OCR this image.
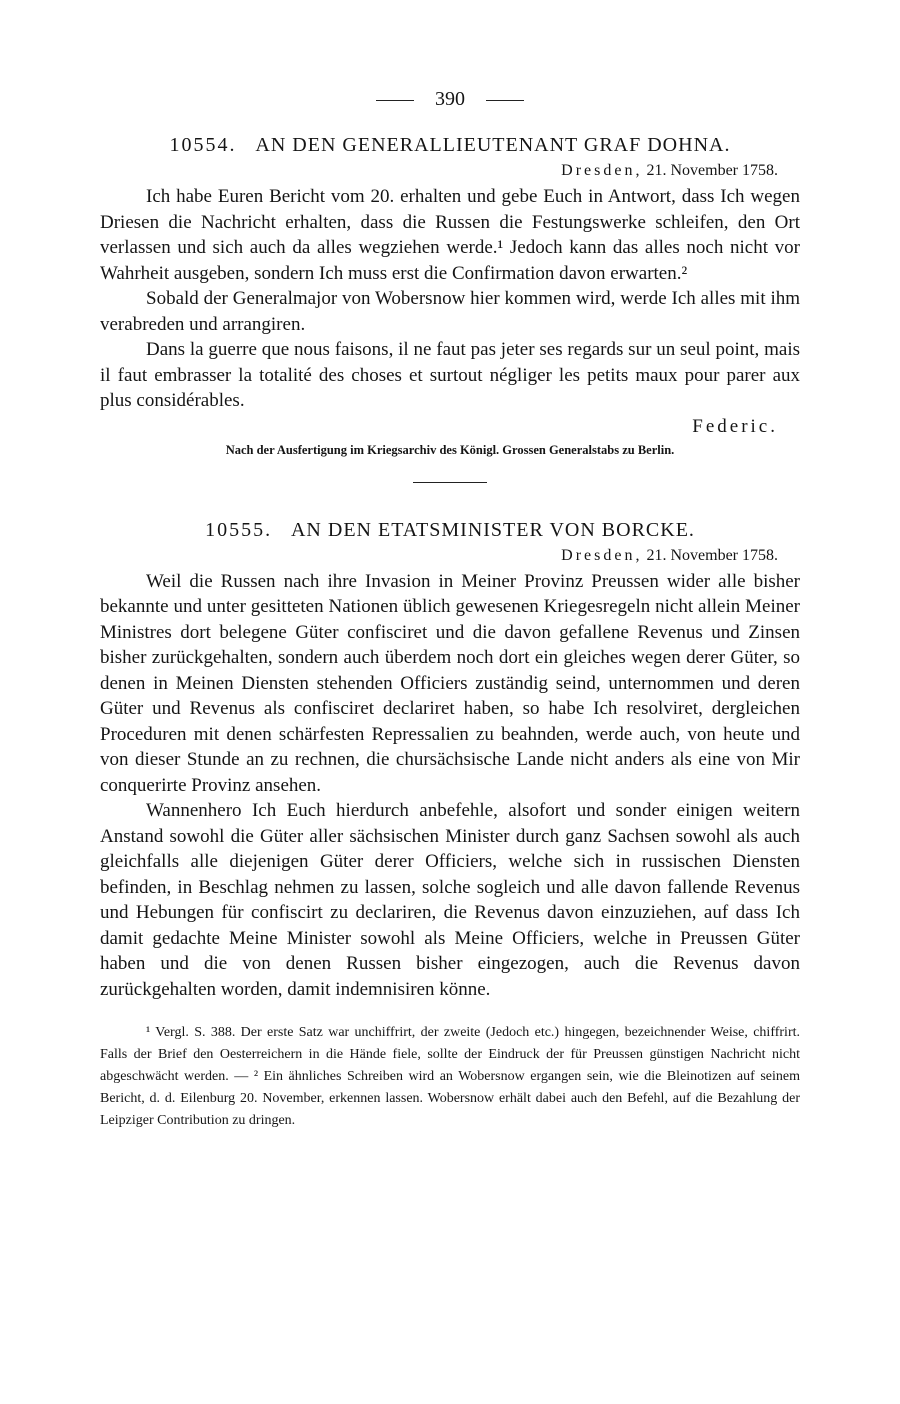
390
10554. AN DEN GENERALLIEUTENANT GRAF DOHNA.
Dresden, 21. November 1758.

Ich habe Euren Bericht vom 20. erhalten und gebe Euch in Antwort, dass Ich wegen Driesen die Nachricht erhalten, dass die Russen die Festungswerke schleifen, den Ort verlassen und sich auch da alles wegziehen werde.¹ Jedoch kann das alles noch nicht vor Wahrheit ausgeben, sondern Ich muss erst die Confirmation davon erwarten.²

Sobald der Generalmajor von Wobersnow hier kommen wird, werde Ich alles mit ihm verabreden und arrangiren.

Dans la guerre que nous faisons, il ne faut pas jeter ses regards sur un seul point, mais il faut embrasser la totalité des choses et surtout négliger les petits maux pour parer aux plus considérables.

Federic.
Nach der Ausfertigung im Kriegsarchiv des Königl. Grossen Generalstabs zu Berlin.
10555. AN DEN ETATSMINISTER VON BORCKE.
Dresden, 21. November 1758.

Weil die Russen nach ihre Invasion in Meiner Provinz Preussen wider alle bisher bekannte und unter gesitteten Nationen üblich gewesenen Kriegesregeln nicht allein Meiner Ministres dort belegene Güter confisciret und die davon gefallene Revenus und Zinsen bisher zurückgehalten, sondern auch überdem noch dort ein gleiches wegen derer Güter, so denen in Meinen Diensten stehenden Officiers zuständig seind, unternommen und deren Güter und Revenus als confisciret declariret haben, so habe Ich resolviret, dergleichen Proceduren mit denen schärfesten Repressalien zu beahnden, werde auch, von heute und von dieser Stunde an zu rechnen, die chursächsische Lande nicht anders als eine von Mir conquerirte Provinz ansehen.

Wannenhero Ich Euch hierdurch anbefehle, alsofort und sonder einigen weitern Anstand sowohl die Güter aller sächsischen Minister durch ganz Sachsen sowohl als auch gleichfalls alle diejenigen Güter derer Officiers, welche sich in russischen Diensten befinden, in Beschlag nehmen zu lassen, solche sogleich und alle davon fallende Revenus und Hebungen für confiscirt zu declariren, die Revenus davon einzuziehen, auf dass Ich damit gedachte Meine Minister sowohl als Meine Officiers, welche in Preussen Güter haben und die von denen Russen bisher eingezogen, auch die Revenus davon zurückgehalten worden, damit indemnisiren könne.

¹ Vergl. S. 388. Der erste Satz war unchiffrirt, der zweite (Jedoch etc.) hingegen, bezeichnender Weise, chiffrirt. Falls der Brief den Oesterreichern in die Hände fiele, sollte der Eindruck der für Preussen günstigen Nachricht nicht abgeschwächt werden. — ² Ein ähnliches Schreiben wird an Wobersnow ergangen sein, wie die Bleinotizen auf seinem Bericht, d. d. Eilenburg 20. November, erkennen lassen. Wobersnow erhält dabei auch den Befehl, auf die Bezahlung der Leipziger Contribution zu dringen.
